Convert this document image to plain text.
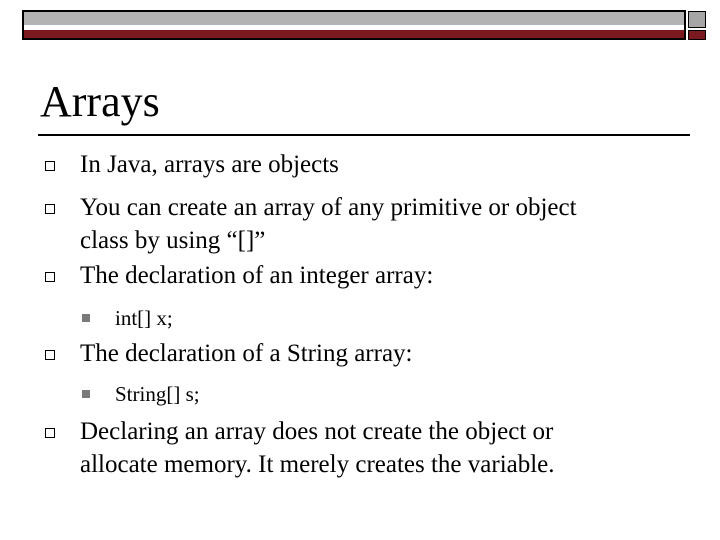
Arrays
In Java, arrays are objects
You can create an array of any primitive or object
class by using “[]”
The declaration of an integer array:
int[] x;
The declaration of a String array:
String[] s;
Declaring an array does not create the object or
allocate memory. It merely creates the variable.
